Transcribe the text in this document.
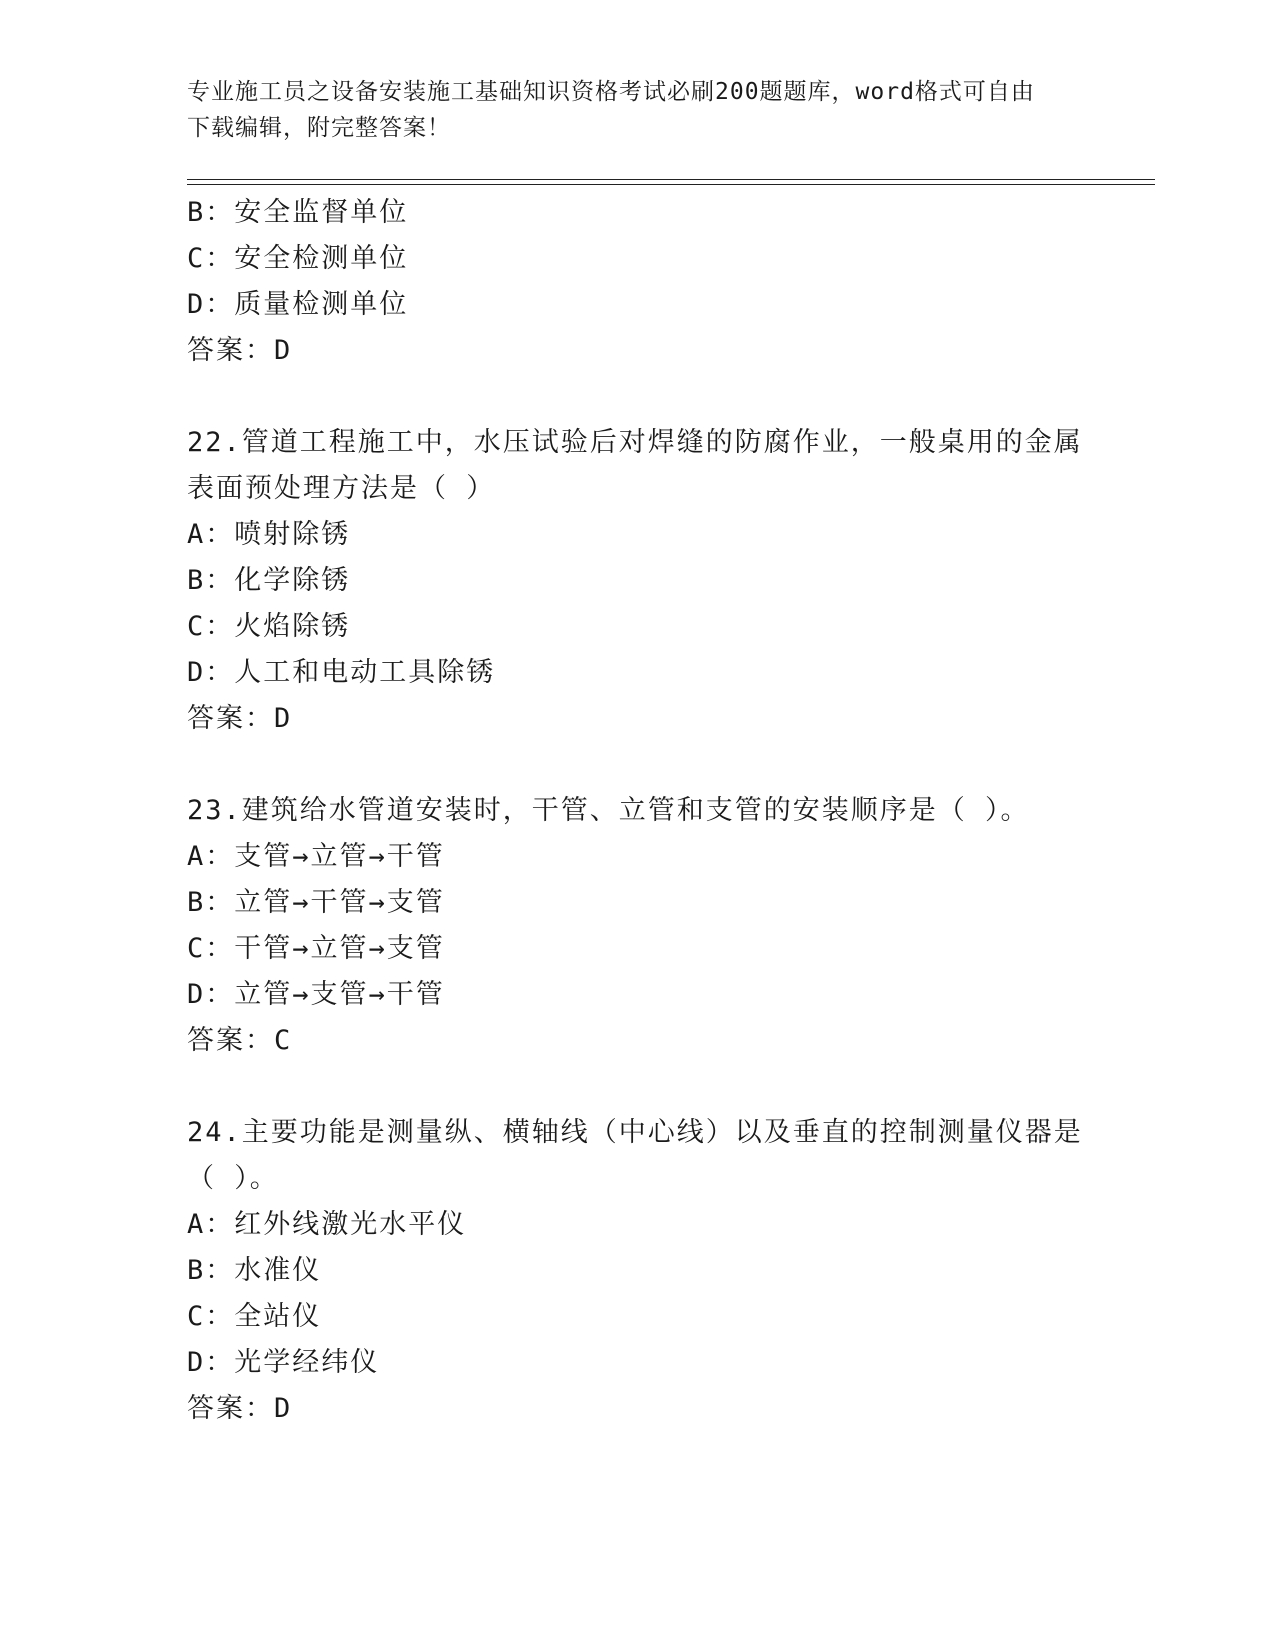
专业施工员之设备安装施工基础知识资格考试必刷200题题库，word格式可自由
下载编辑，附完整答案！
B：安全监督单位
C：安全检测单位
D：质量检测单位
答案：D
22.管道工程施工中，水压试验后对焊缝的防腐作业，一般桌用的金属
表面预处理方法是（ ）
A：喷射除锈
B：化学除锈
C：火焰除锈
D：人工和电动工具除锈
答案：D
23.建筑给水管道安装时，干管、立管和支管的安装顺序是（ ）。
A：支管→立管→干管
B：立管→干管→支管
C：干管→立管→支管
D：立管→支管→干管
答案：C
24.主要功能是测量纵、横轴线（中心线）以及垂直的控制测量仪器是
（ ）。
A：红外线激光水平仪
B：水准仪
C：全站仪
D：光学经纬仪
答案：D
